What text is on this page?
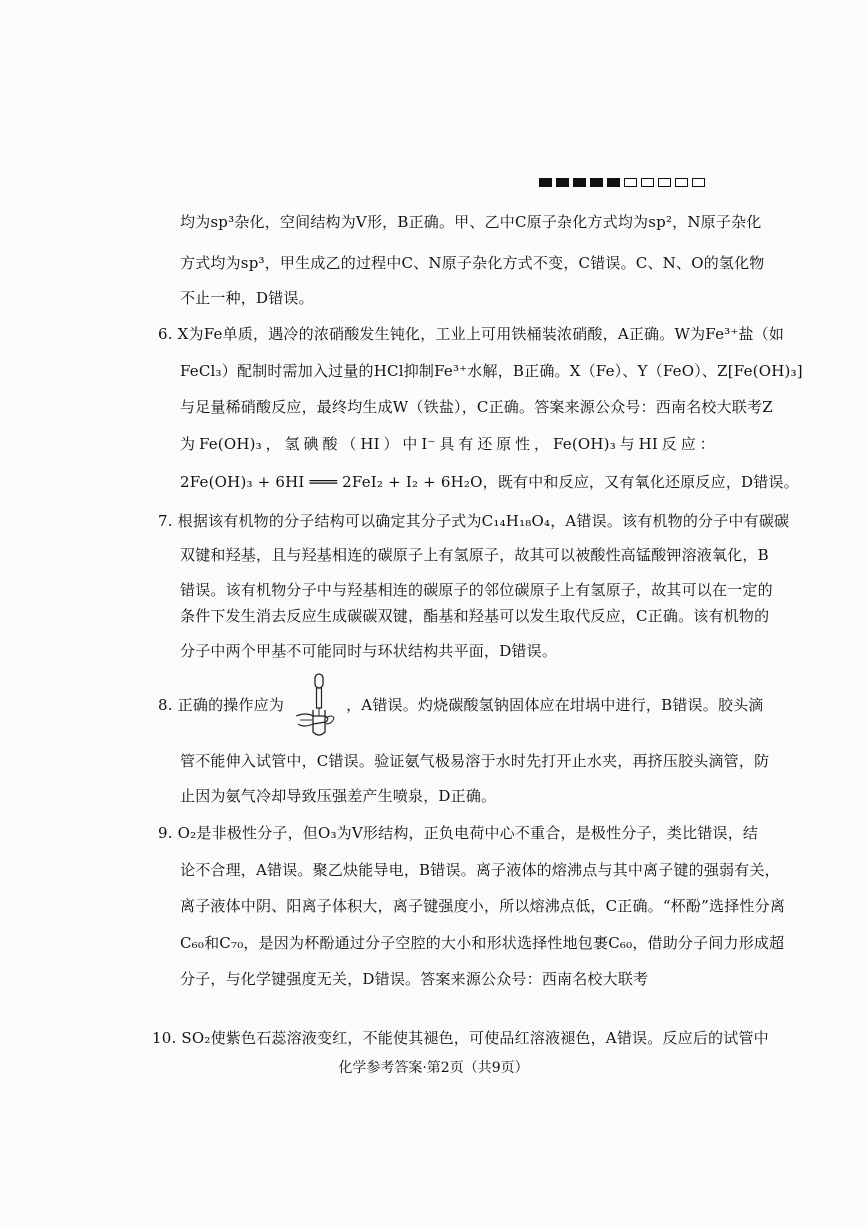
均为sp³杂化，空间结构为V形，B正确。甲、乙中C原子杂化方式均为sp²，N原子杂化
方式均为sp³，甲生成乙的过程中C、N原子杂化方式不变，C错误。C、N、O的氢化物
不止一种，D错误。
6. X为Fe单质，遇冷的浓硝酸发生钝化，工业上可用铁桶装浓硝酸，A正确。W为Fe³⁺盐（如
FeCl₃）配制时需加入过量的HCl抑制Fe³⁺水解，B正确。X（Fe）、Y（FeO）、Z[Fe(OH)₃]
与足量稀硝酸反应，最终均生成W（铁盐），C正确。答案来源公众号：西南名校大联考Z
为 Fe(OH)₃ ， 氢 碘 酸 （ HI ） 中 I⁻ 具 有 还 原 性 ， Fe(OH)₃ 与 HI 反 应 ：
2Fe(OH)₃ + 6HI ═══ 2FeI₂ + I₂ + 6H₂O，既有中和反应，又有氧化还原反应，D错误。
7. 根据该有机物的分子结构可以确定其分子式为C₁₄H₁₈O₄，A错误。该有机物的分子中有碳碳
双键和羟基，且与羟基相连的碳原子上有氢原子，故其可以被酸性高锰酸钾溶液氧化，B
错误。该有机物分子中与羟基相连的碳原子的邻位碳原子上有氢原子，故其可以在一定的
条件下发生消去反应生成碳碳双键，酯基和羟基可以发生取代反应，C正确。该有机物的
分子中两个甲基不可能同时与环状结构共平面，D错误。
8. 正确的操作应为	，A错误。灼烧碳酸氢钠固体应在坩埚中进行，B错误。胶头滴
管不能伸入试管中，C错误。验证氨气极易溶于水时先打开止水夹，再挤压胶头滴管，防
止因为氨气冷却导致压强差产生喷泉，D正确。
9. O₂是非极性分子，但O₃为V形结构，正负电荷中心不重合，是极性分子，类比错误，结
论不合理，A错误。聚乙炔能导电，B错误。离子液体的熔沸点与其中离子键的强弱有关，
离子液体中阴、阳离子体积大，离子键强度小，所以熔沸点低，C正确。“杯酚”选择性分离
C₆₀和C₇₀，是因为杯酚通过分子空腔的大小和形状选择性地包裹C₆₀，借助分子间力形成超
分子，与化学键强度无关，D错误。答案来源公众号：西南名校大联考
10. SO₂使紫色石蕊溶液变红，不能使其褪色，可使品红溶液褪色，A错误。反应后的试管中
化学参考答案·第2页（共9页）
